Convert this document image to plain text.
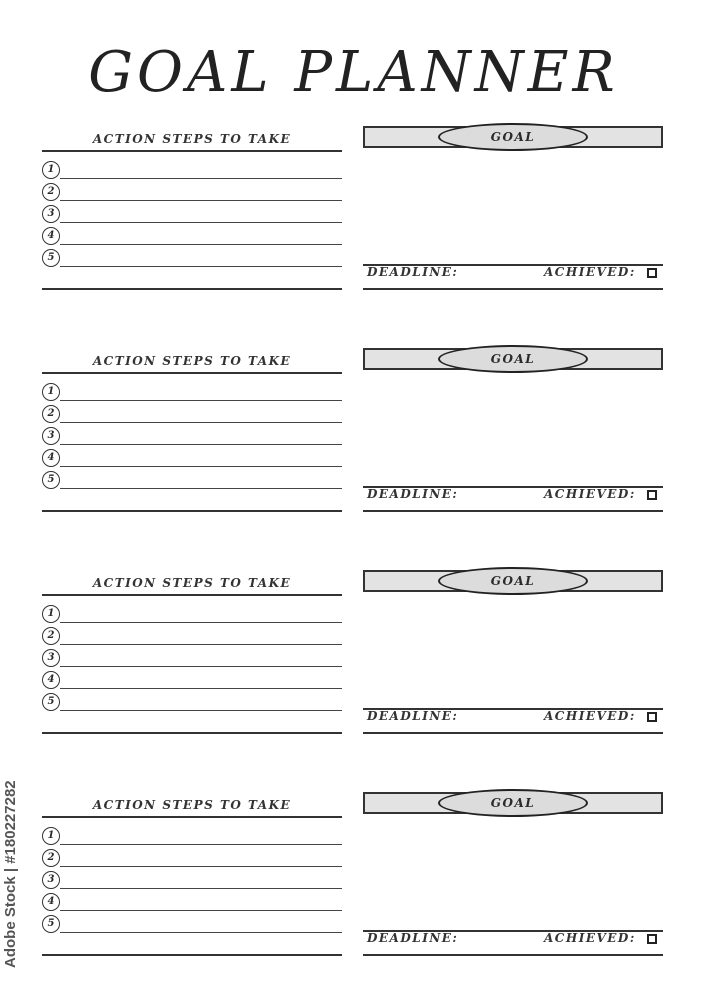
GOAL PLANNER
ACTION STEPS TO TAKE
1
2
3
4
5
GOAL
DEADLINE:	ACHIEVED:
ACTION STEPS TO TAKE
1
2
3
4
5
GOAL
DEADLINE:	ACHIEVED:
ACTION STEPS TO TAKE
1
2
3
4
5
GOAL
DEADLINE:	ACHIEVED:
ACTION STEPS TO TAKE
1
2
3
4
5
GOAL
DEADLINE:	ACHIEVED:
Adobe Stock | #180227282
